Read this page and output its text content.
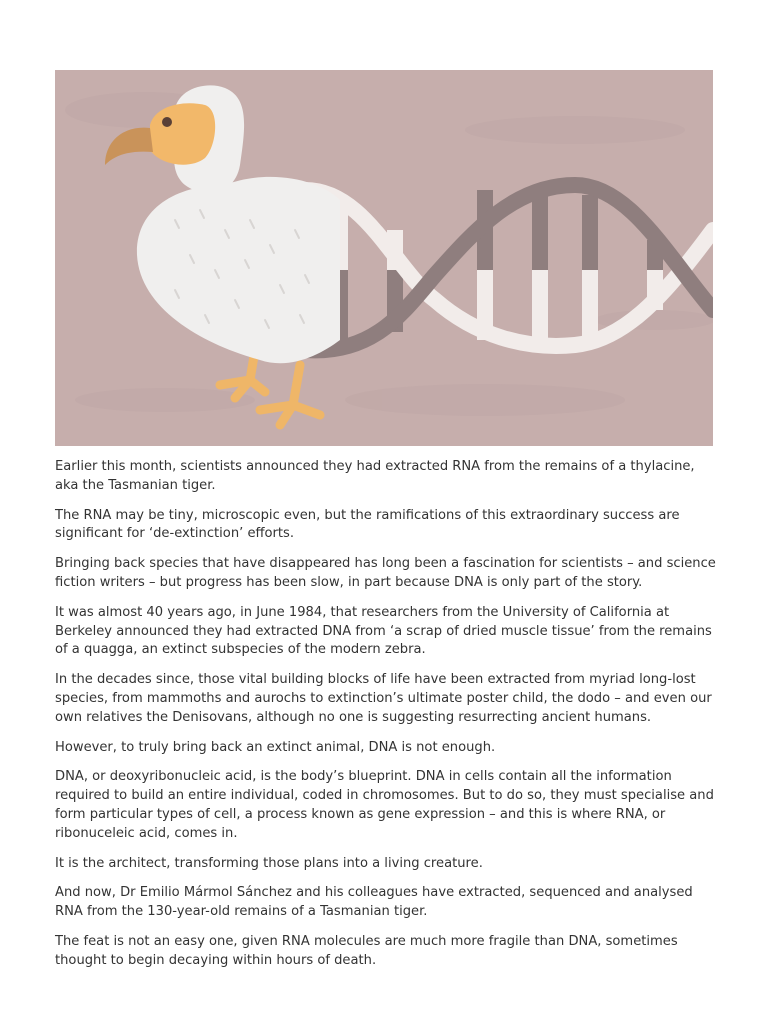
Earlier this month, scientists announced they had extracted RNA from the remains of a thylacine, aka the Tasmanian tiger.

The RNA may be tiny, microscopic even, but the ramifications of this extraordinary success are significant for ‘de-extinction’ efforts.

Bringing back species that have disappeared has long been a fascination for scientists – and science fiction writers – but progress has been slow, in part because DNA is only part of the story.

It was almost 40 years ago, in June 1984, that researchers from the University of California at Berkeley announced they had extracted DNA from ‘a scrap of dried muscle tissue’ from the remains of a quagga, an extinct subspecies of the modern zebra.

In the decades since, those vital building blocks of life have been extracted from myriad long-lost species, from mammoths and aurochs to extinction’s ultimate poster child, the dodo – and even our own relatives the Denisovans, although no one is suggesting resurrecting ancient humans.

However, to truly bring back an extinct animal, DNA is not enough.

DNA, or deoxyribonucleic acid, is the body’s blueprint. DNA in cells contain all the information required to build an entire individual, coded in chromosomes. But to do so, they must specialise and form particular types of cell, a process known as gene expression – and this is where RNA, or ribonuceleic acid, comes in.

It is the architect, transforming those plans into a living creature.

And now, Dr Emilio Mármol Sánchez and his colleagues have extracted, sequenced and analysed RNA from the 130-year-old remains of a Tasmanian tiger.

The feat is not an easy one, given RNA molecules are much more fragile than DNA, sometimes thought to begin decaying within hours of death.
